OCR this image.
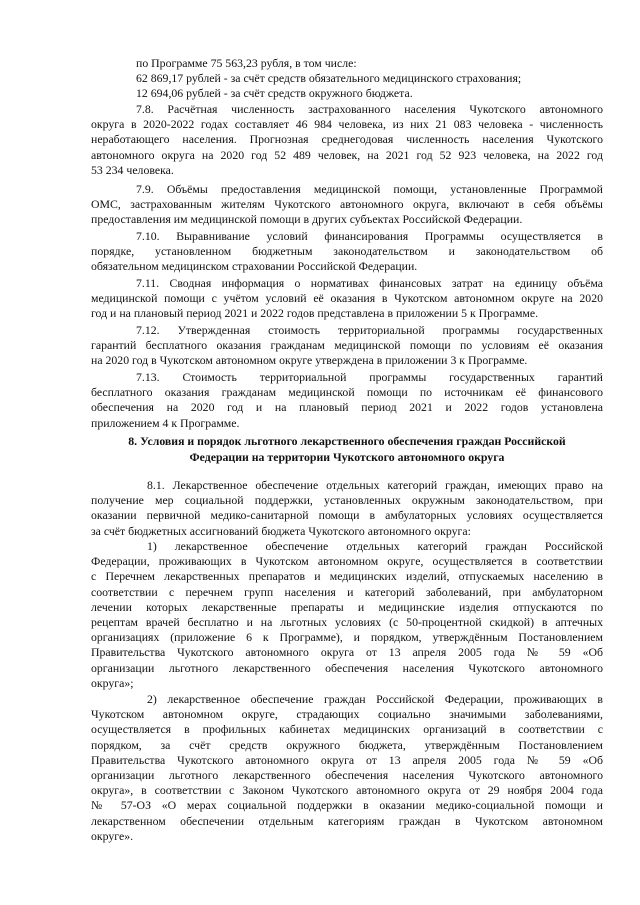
по Программе 75 563,23 рубля, в том числе:

62 869,17 рублей - за счёт средств обязательного медицинского страхования;

12 694,06 рублей - за счёт средств окружного бюджета.

7.8. Расчётная численность застрахованного населения Чукотского автономного

округа в 2020-2022 годах составляет 46 984 человека, из них 21 083 человека - численность

неработающего населения. Прогнозная среднегодовая численность населения Чукотского

автономного округа на 2020 год 52 489 человек, на 2021 год 52 923 человека, на 2022 год

53 234 человека.

7.9. Объёмы предоставления медицинской помощи, установленные Программой

ОМС, застрахованным жителям Чукотского автономного округа, включают в себя объёмы

предоставления им медицинской помощи в других субъектах Российской Федерации.

7.10. Выравнивание условий финансирования Программы осуществляется в

порядке, установленном бюджетным законодательством и законодательством об

обязательном медицинском страховании Российской Федерации.

7.11. Сводная информация о нормативах финансовых затрат на единицу объёма

медицинской помощи с учётом условий её оказания в Чукотском автономном округе на 2020

год и на плановый период 2021 и 2022 годов представлена в приложении 5 к Программе.

7.12. Утвержденная стоимость территориальной программы государственных

гарантий бесплатного оказания гражданам медицинской помощи по условиям её оказания

на 2020 год в Чукотском автономном округе утверждена в приложении 3 к Программе.

7.13. Стоимость территориальной программы государственных гарантий

бесплатного оказания гражданам медицинской помощи по источникам её финансового

обеспечения на 2020 год и на плановый период 2021 и 2022 годов установлена

приложением 4 к Программе.

8. Условия и порядок льготного лекарственного обеспечения граждан Российской

Федерации на территории Чукотского автономного округа

8.1. Лекарственное обеспечение отдельных категорий граждан, имеющих право на

получение мер социальной поддержки, установленных окружным законодательством, при

оказании первичной медико-санитарной помощи в амбулаторных условиях осуществляется

за счёт бюджетных ассигнований бюджета Чукотского автономного округа:

1) лекарственное обеспечение отдельных категорий граждан Российской

Федерации, проживающих в Чукотском автономном округе, осуществляется в соответствии

с Перечнем лекарственных препаратов и медицинских изделий, отпускаемых населению в

соответствии с перечнем групп населения и категорий заболеваний, при амбулаторном

лечении которых лекарственные препараты и медицинские изделия отпускаются по

рецептам врачей бесплатно и на льготных условиях (с 50-процентной скидкой) в аптечных

организациях (приложение 6 к Программе), и порядком, утверждённым Постановлением

Правительства Чукотского автономного округа от 13 апреля 2005 года № 59 «Об

организации льготного лекарственного обеспечения населения Чукотского автономного

округа»;

2) лекарственное обеспечение граждан Российской Федерации, проживающих в

Чукотском автономном округе, страдающих социально значимыми заболеваниями,

осуществляется в профильных кабинетах медицинских организаций в соответствии с

порядком, за счёт средств окружного бюджета, утверждённым Постановлением

Правительства Чукотского автономного округа от 13 апреля 2005 года № 59 «Об

организации льготного лекарственного обеспечения населения Чукотского автономного

округа», в соответствии с Законом Чукотского автономного округа от 29 ноября 2004 года

№ 57-ОЗ «О мерах социальной поддержки в оказании медико-социальной помощи и

лекарственном обеспечении отдельным категориям граждан в Чукотском автономном

округе».
